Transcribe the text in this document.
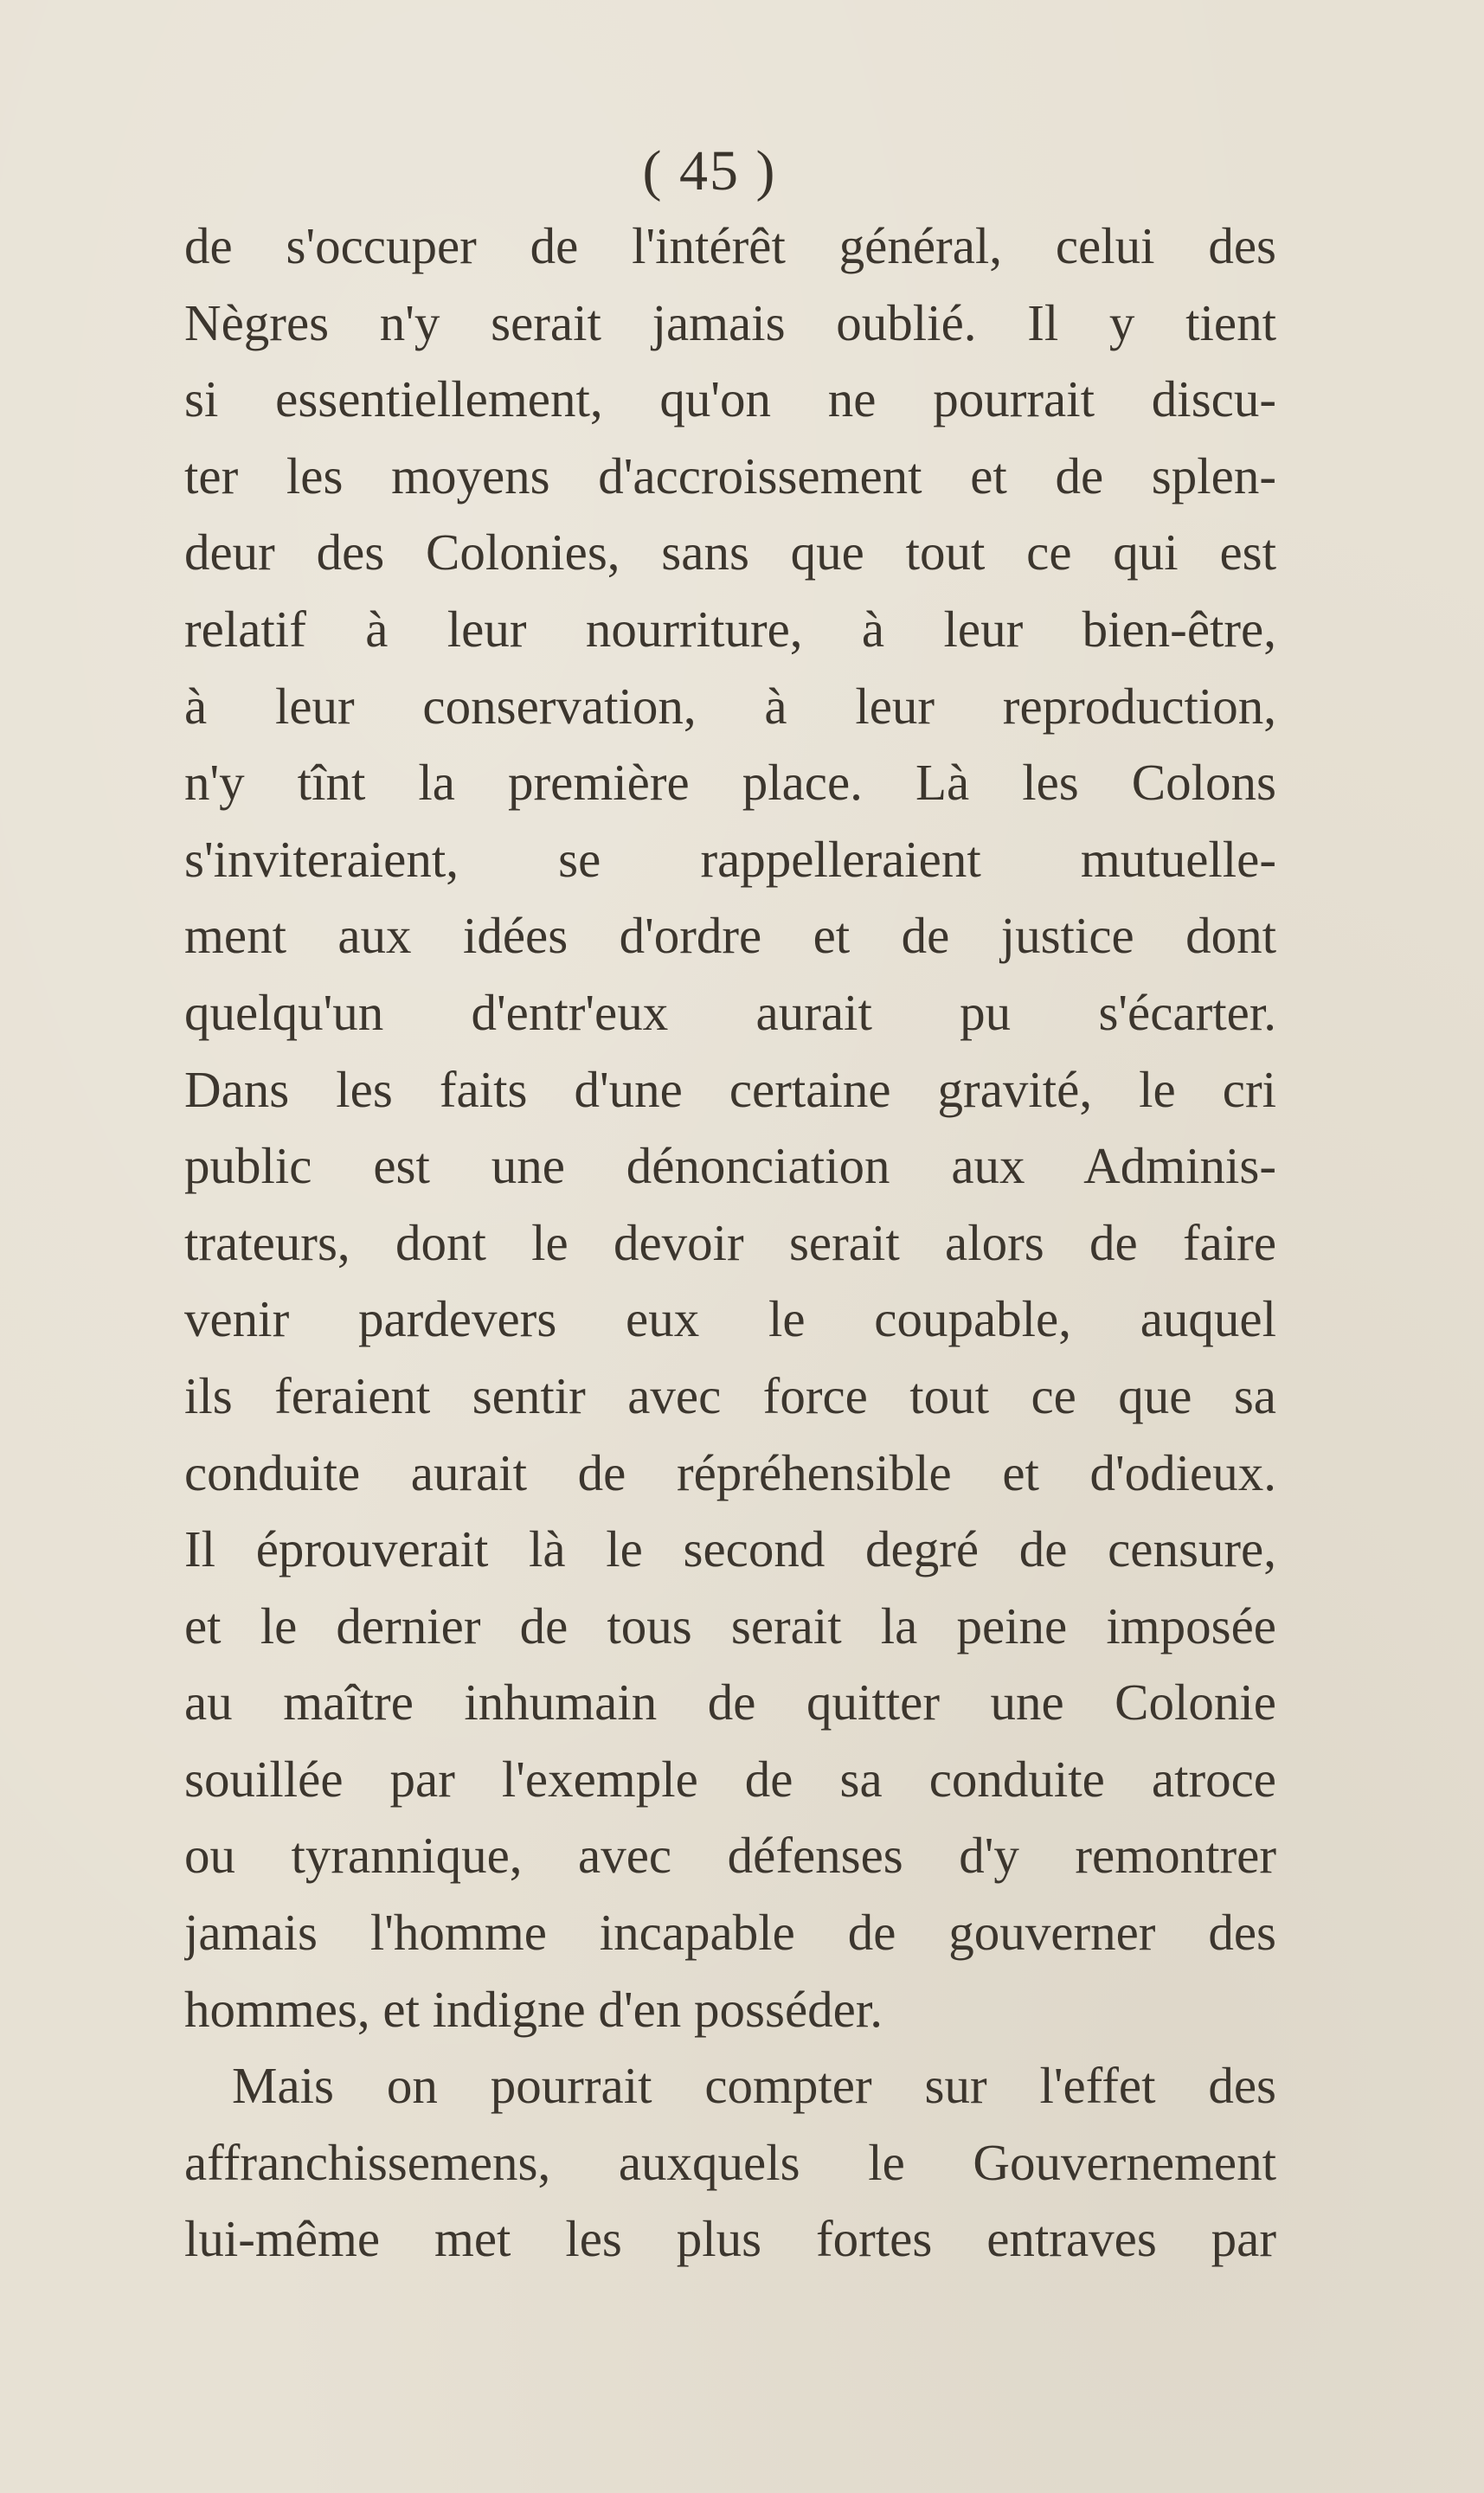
( 45 )
de s'occuper de l'intérêt général, celui des
Nègres n'y serait jamais oublié. Il y tient
si essentiellement, qu'on ne pourrait discu-
ter les moyens d'accroissement et de splen-
deur des Colonies, sans que tout ce qui est
relatif à leur nourriture, à leur bien-être,
à leur conservation, à leur reproduction,
n'y tînt la première place. Là les Colons
s'inviteraient, se rappelleraient mutuelle-
ment aux idées d'ordre et de justice dont
quelqu'un d'entr'eux aurait pu s'écarter.
Dans les faits d'une certaine gravité, le cri
public est une dénonciation aux Adminis-
trateurs, dont le devoir serait alors de faire
venir pardevers eux le coupable, auquel
ils feraient sentir avec force tout ce que sa
conduite aurait de répréhensible et d'odieux.
Il éprouverait là le second degré de censure,
et le dernier de tous serait la peine imposée
au maître inhumain de quitter une Colonie
souillée par l'exemple de sa conduite atroce
ou tyrannique, avec défenses d'y remontrer
jamais l'homme incapable de gouverner des
hommes, et indigne d'en posséder.
Mais on pourrait compter sur l'effet des
affranchissemens, auxquels le Gouvernement
lui-même met les plus fortes entraves par
